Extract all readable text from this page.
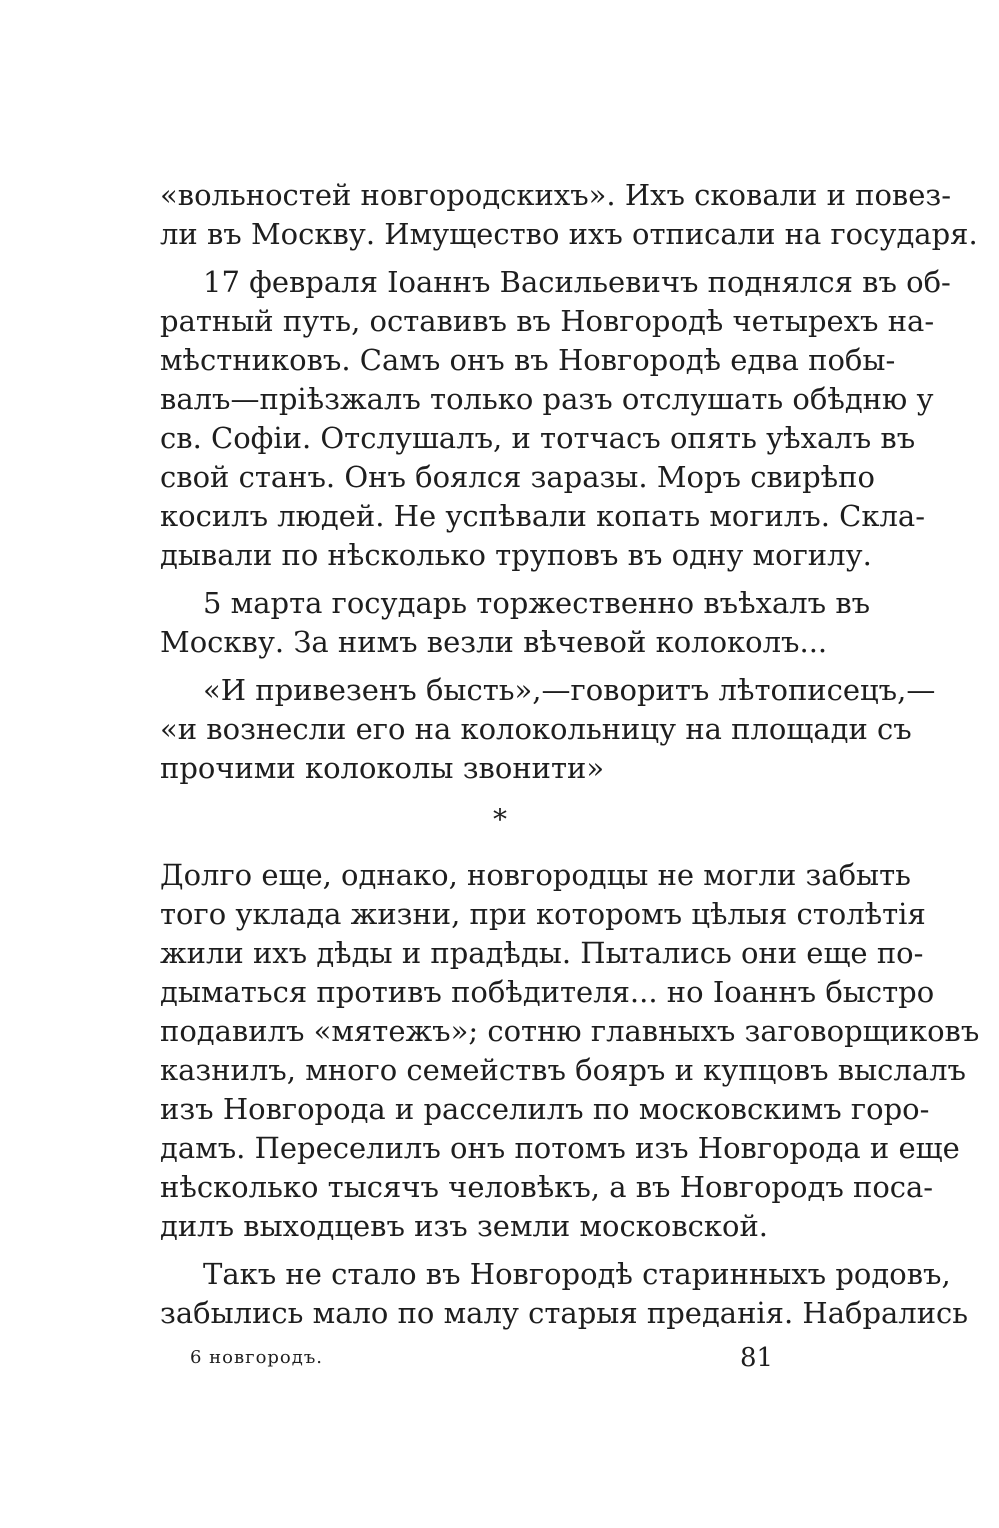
«вольностей новгородскихъ». Ихъ сковали и повез-
ли въ Москву. Имущество ихъ отписали на государя.
17 февраля Іоаннъ Васильевичъ поднялся въ об-
ратный путь, оставивъ въ Новгородѣ четырехъ на-
мѣстниковъ. Самъ онъ въ Новгородѣ едва побы-
валъ—пріѣзжалъ только разъ отслушать обѣдню у
св. Софіи. Отслушалъ, и тотчасъ опять уѣхалъ въ
свой станъ. Онъ боялся заразы. Моръ свирѣпо
косилъ людей. Не успѣвали копать могилъ. Скла-
дывали по нѣсколько труповъ въ одну могилу.
5 марта государь торжественно въѣхалъ въ
Москву. За нимъ везли вѣчевой колоколъ...
«И привезенъ бысть»,—говоритъ лѣтописецъ,—
«и вознесли его на колокольницу на площади съ
прочими колоколы звонити»
*
Долго еще, однако, новгородцы не могли забыть
того уклада жизни, при которомъ цѣлыя столѣтія
жили ихъ дѣды и прадѣды. Пытались они еще по-
дыматься противъ побѣдителя... но Іоаннъ быстро
подавилъ «мятежъ»; сотню главныхъ заговорщиковъ
казнилъ, много семействъ бояръ и купцовъ выслалъ
изъ Новгорода и расселилъ по московскимъ горо-
дамъ. Переселилъ онъ потомъ изъ Новгорода и еще
нѣсколько тысячъ человѣкъ, а въ Новгородъ поса-
дилъ выходцевъ изъ земли московской.
Такъ не стало въ Новгородѣ старинныхъ родовъ,
забылись мало по малу старыя преданія. Набрались
6 новгородъ.	81
